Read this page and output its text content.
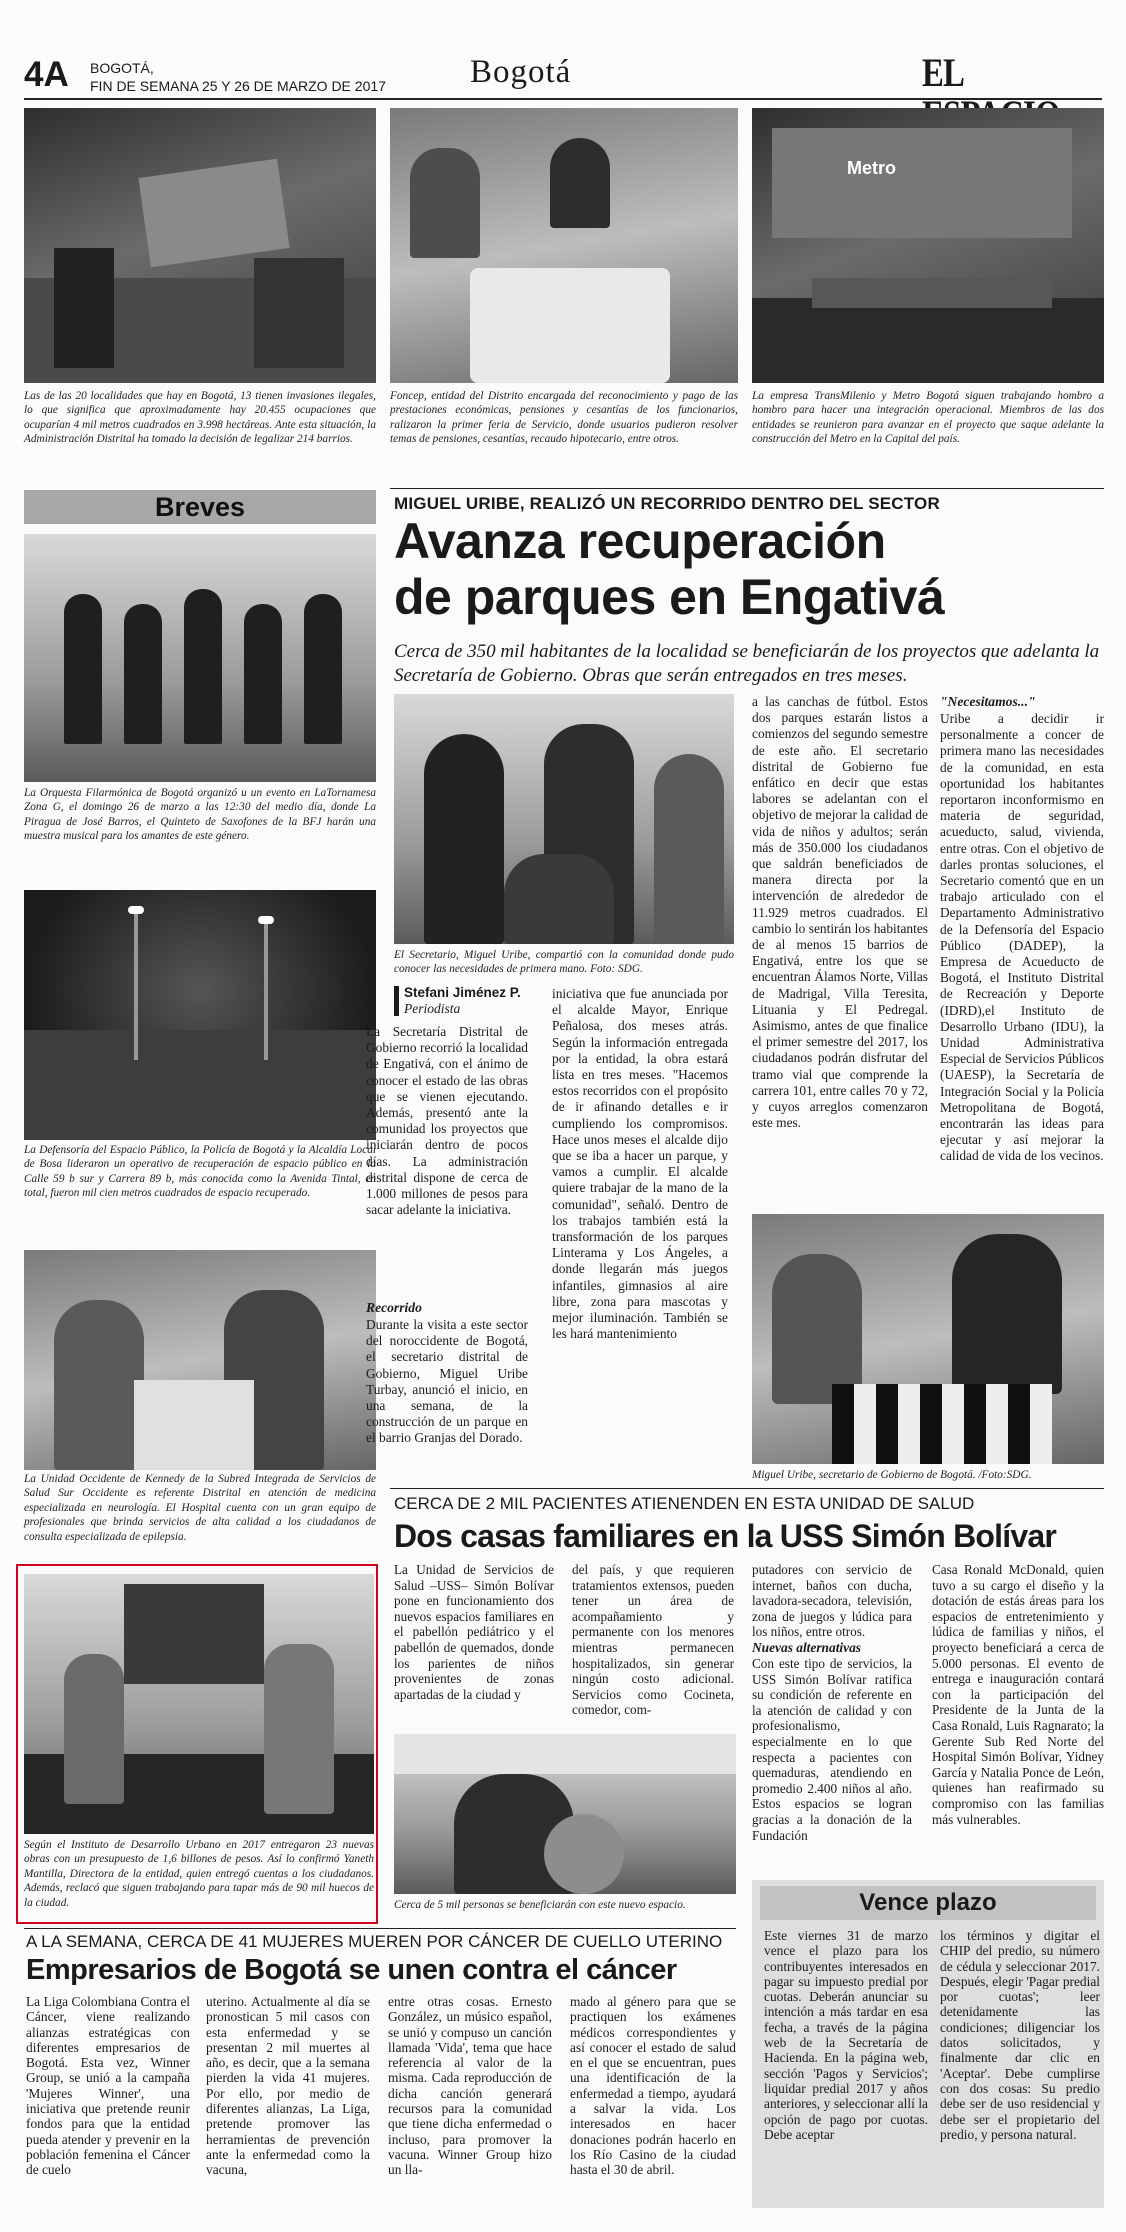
4A BOGOTÁ,
FIN DE SEMANA 25 Y 26 DE MARZO DE 2017	Bogotá	EL
Metro

Las de las 20 localidades que hay en Bogotá, 13 tienen invasiones ilegales, lo que significa que aproximadamente hay 20.455 ocupaciones que ocuparían 4 mil metros cuadrados en 3.998 hectáreas. Ante esta situación, la Administración Distrital ha tomado la decisión de legalizar 214 barrios.

Foncep, entidad del Distrito encargada del reconocimiento y pago de las prestaciones económicas, pensiones y cesantías de los funcionarios, ralizaron la primer feria de Servicio, donde usuarios pudieron resolver temas de pensiones, cesantías, recaudo hipotecario, entre otros.

La empresa TransMilenio y Metro Bogotá siguen trabajando hombro a hombro para hacer una integración operacional. Miembros de las dos entidades se reunieron para avanzar en el proyecto que saque adelante la construcción del Metro en la Capital del país.

Breves

La Orquesta Filarmónica de Bogotá organizó u un evento en LaTornamesa Zona G, el domingo 26 de marzo a las 12:30 del medio día, donde La Piragua de José Barros, el Quinteto de Saxofones de la BFJ harán una muestra musical para los amantes de este género.

La Defensoría del Espacio Público, la Policía de Bogotá y la Alcaldía Local de Bosa lideraron un operativo de recuperación de espacio público en la Calle 59 b sur y Carrera 89 b, más conocida como la Avenida Tintal, en total, fueron mil cien metros cuadrados de espacio recuperado.

La Unidad Occidente de Kennedy de la Subred Integrada de Servicios de Salud Sur Occidente es referente Distrital en atención de medicina especializada en neurología. El Hospital cuenta con un gran equipo de profesionales que brinda servicios de alta calidad a los ciudadanos de consulta especializada de epilepsia.

Según el Instituto de Desarrollo Urbano en 2017 entregaron 23 nuevas obras con un presupuesto de 1,6 billones de pesos. Así lo confirmó Yaneth Mantilla, Directora de la entidad, quien entregó cuentas a los ciudadanos. Además, reclacó que siguen trabajando para tapar más de 90 mil huecos de la ciudad.

MIGUEL URIBE, REALIZÓ UN RECORRIDO DENTRO DEL SECTOR
Avanza recuperación
de parques en Engativá

Cerca de 350 mil habitantes de la localidad se beneficiarán de los proyectos que adelanta la Secretaría de Gobierno. Obras que serán entregados en tres meses.

El Secretario, Miguel Uribe, compartió con la comunidad donde pudo conocer las necesidades de primera mano. Foto: SDG.

Stefani Jiménez P.
Periodista

La Secretaría Distrital de Gobierno recorrió la localidad de Engativá, con el ánimo de conocer el estado de las obras que se vienen ejecutando. Además, presentó ante la comunidad los proyectos que iniciarán dentro de pocos días. La administración distrital dispone de cerca de 1.000 millones de pesos para sacar adelante la iniciativa.

Recorrido

Durante la visita a este sector del noroccidente de Bogotá, el secretario distrital de Gobierno, Miguel Uribe Turbay, anunció el inicio, en una semana, de la construcción de un parque en el barrio Granjas del Dorado.

iniciativa que fue anunciada por el alcalde Mayor, Enrique Peñalosa, dos meses atrás. Según la información entregada por la entidad, la obra estará lista en tres meses. "Hacemos estos recorridos con el propósito de ir afinando detalles e ir cumpliendo los compromisos. Hace unos meses el alcalde dijo que se iba a hacer un parque, y vamos a cumplir. El alcalde quiere trabajar de la mano de la comunidad", señaló. Dentro de los trabajos también está la transformación de los parques Linterama y Los Ángeles, a donde llegarán más juegos infantiles, gimnasios al aire libre, zona para mascotas y mejor iluminación. También se les hará mantenimiento

a las canchas de fútbol. Estos dos parques estarán listos a comienzos del segundo semestre de este año. El secretario distrital de Gobierno fue enfático en decir que estas labores se adelantan con el objetivo de mejorar la calidad de vida de niños y adultos; serán más de 350.000 los ciudadanos que saldrán beneficiados de manera directa por la intervención de alrededor de 11.929 metros cuadrados. El cambio lo sentirán los habitantes de al menos 15 barrios de Engativá, entre los que se encuentran Álamos Norte, Villas de Madrigal, Villa Teresita, Lituania y El Pedregal. Asimismo, antes de que finalice el primer semestre del 2017, los ciudadanos podrán disfrutar del tramo vial que comprende la carrera 101, entre calles 70 y 72, y cuyos arreglos comenzaron este mes.

"Necesitamos..."

Uribe a decidir ir personalmente a concer de primera mano las necesidades de la comunidad, en esta oportunidad los habitantes reportaron inconformismo en materia de seguridad, acueducto, salud, vivienda, entre otras. Con el objetivo de darles prontas soluciones, el Secretario comentó que en un trabajo articulado con el Departamento Administrativo de la Defensoría del Espacio Público (DADEP), la Empresa de Acueducto de Bogotá, el Instituto Distrital de Recreación y Deporte (IDRD),el Instituto de Desarrollo Urbano (IDU), la Unidad Administrativa Especial de Servicios Públicos (UAESP), la Secretaría de Integración Social y la Policía Metropolitana de Bogotá, encontrarán las ideas para ejecutar y así mejorar la calidad de vida de los vecinos.

Miguel Uribe, secretario de Gobierno de Bogotá. /Foto:SDG.

CERCA DE 2 MIL PACIENTES ATIENENDEN EN ESTA UNIDAD DE SALUD
Dos casas familiares en la USS Simón Bolívar

La Unidad de Servicios de Salud –USS– Simón Bolívar pone en funcionamiento dos nuevos espacios familiares en el pabellón pediátrico y el pabellón de quemados, donde los parientes de niños provenientes de zonas apartadas de la ciudad y

del país, y que requieren tratamientos extensos, pueden tener un área de acompañamiento y permanente con los menores mientras permanecen hospitalizados, sin generar ningún costo adicional. Servicios como Cocineta, comedor, com-

putadores con servicio de internet, baños con ducha, lavadora-secadora, televisión, zona de juegos y lúdica para los niños, entre otros.

Nuevas alternativas

Con este tipo de servicios, la USS Simón Bolívar ratifica su condición de referente en la atención de calidad y con profesionalismo, especialmente en lo que respecta a pacientes con quemaduras, atendiendo en promedio 2.400 niños al año. Estos espacios se logran gracias a la donación de la Fundación

Casa Ronald McDonald, quien tuvo a su cargo el diseño y la dotación de estás áreas para los espacios de entretenimiento y lúdica de familias y niños, el proyecto beneficiará a cerca de 5.000 personas. El evento de entrega e inauguración contará con la participación del Presidente de la Junta de la Casa Ronald, Luis Ragnarato; la Gerente Sub Red Norte del Hospital Simón Bolívar, Yidney García y Natalia Ponce de León, quienes han reafirmado su compromiso con las familias más vulnerables.

Cerca de 5 mil personas se beneficiarán con este nuevo espacio.	Vence plazo

Este viernes 31 de marzo vence el plazo para los contribuyentes interesados en pagar su impuesto predial por cuotas. Deberán anunciar su intención a más tardar en esa fecha, a través de la página web de la Secretaría de Hacienda. En la página web, sección 'Pagos y Servicios'; liquidar predial 2017 y años anteriores, y seleccionar allí la opción de pago por cuotas. Debe aceptar

los términos y digitar el CHIP del predio, su número de cédula y seleccionar 2017. Después, elegir 'Pagar predial por cuotas'; leer detenidamente las condiciones; diligenciar los datos solicitados, y finalmente dar clic en 'Aceptar'. Debe cumplirse con dos cosas: Su predio debe ser de uso residencial y debe ser el propietario del predio, y persona natural.

A LA SEMANA, CERCA DE 41 MUJERES MUEREN POR CÁNCER DE CUELLO UTERINO
Empresarios de Bogotá se unen contra el cáncer

La Liga Colombiana Contra el Cáncer, viene realizando alianzas estratégicas con diferentes empresarios de Bogotá. Esta vez, Winner Group, se unió a la campaña 'Mujeres Winner', una iniciativa que pretende reunir fondos para que la entidad pueda atender y prevenir en la población femenina el Cáncer de cuelo

uterino. Actualmente al día se pronostican 5 mil casos con esta enfermedad y se presentan 2 mil muertes al año, es decir, que a la semana pierden la vida 41 mujeres. Por ello, por medio de diferentes alianzas, La Liga, pretende promover las herramientas de prevención ante la enfermedad como la vacuna,

entre otras cosas. Ernesto González, un músico español, se unió y compuso un canción llamada 'Vida', tema que hace referencia al valor de la misma. Cada reproducción de dicha canción generará recursos para la comunidad que tiene dicha enfermedad o incluso, para promover la vacuna. Winner Group hizo un lla-

mado al género para que se practiquen los exámenes médicos correspondientes y así conocer el estado de salud en el que se encuentran, pues una identificación de la enfermedad a tiempo, ayudará a salvar la vida. Los interesados en hacer donaciones podrán hacerlo en los Río Casino de la ciudad hasta el 30 de abril.
